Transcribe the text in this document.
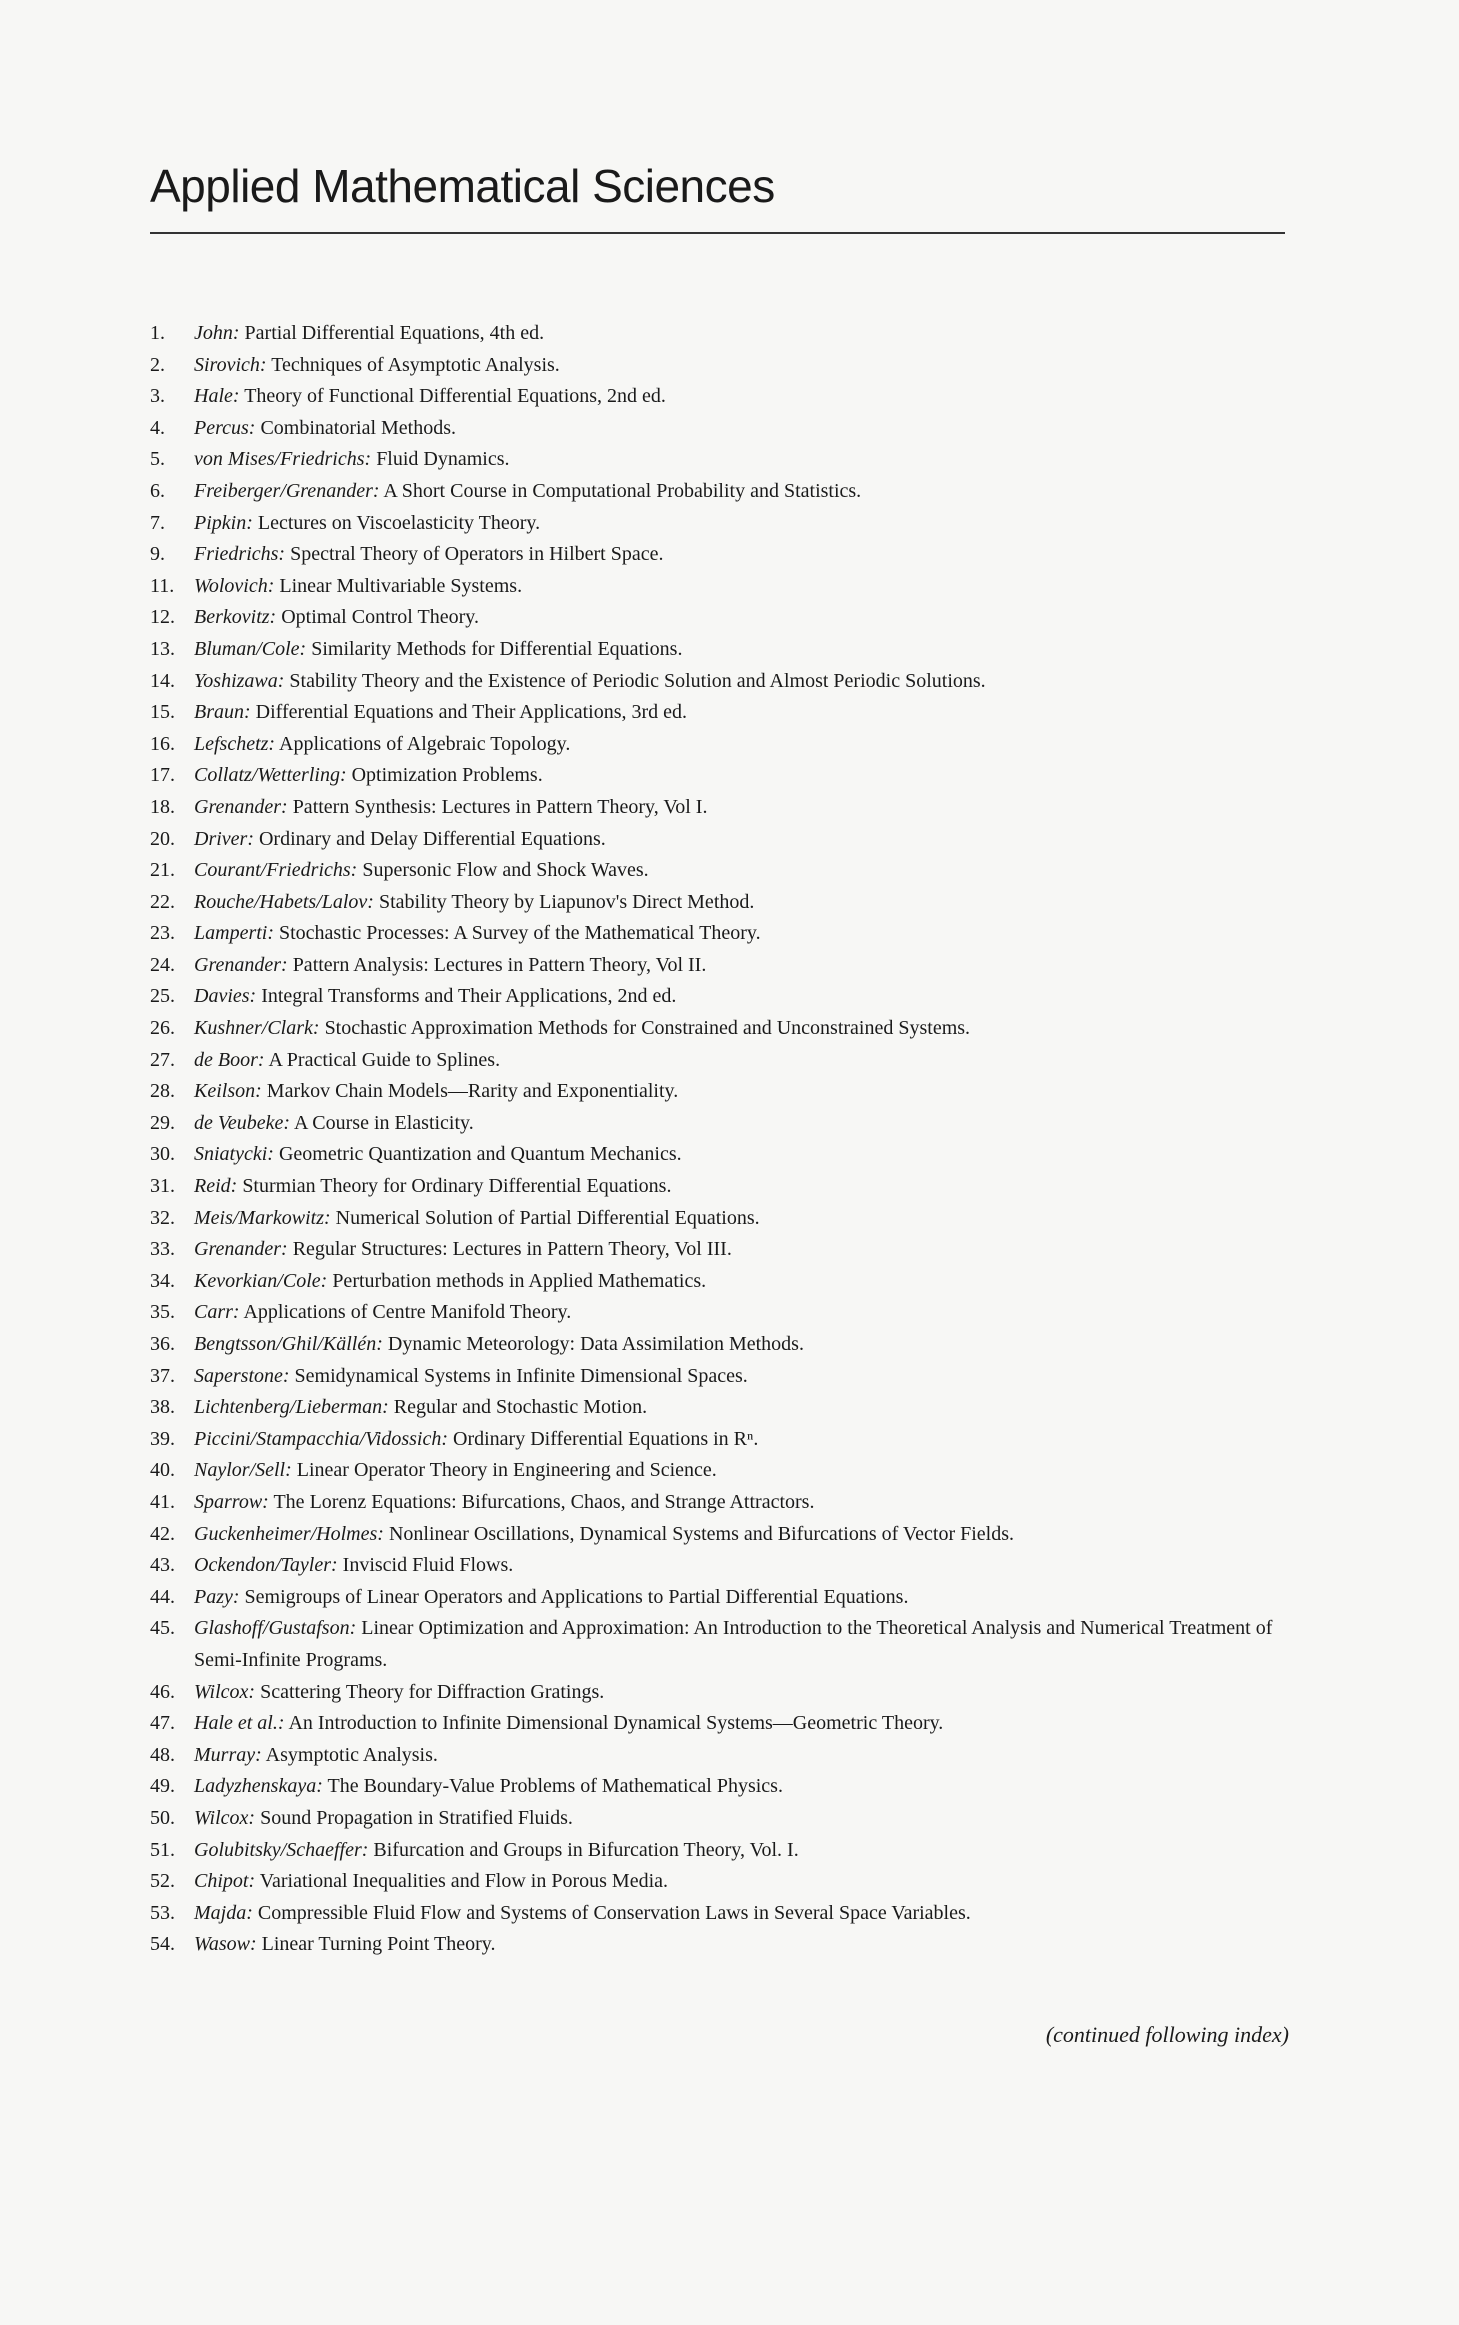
Applied Mathematical Sciences
1.	John: Partial Differential Equations, 4th ed.
2.	Sirovich: Techniques of Asymptotic Analysis.
3.	Hale: Theory of Functional Differential Equations, 2nd ed.
4.	Percus: Combinatorial Methods.
5.	von Mises/Friedrichs: Fluid Dynamics.
6.	Freiberger/Grenander: A Short Course in Computational Probability and Statistics.
7.	Pipkin: Lectures on Viscoelasticity Theory.
9.	Friedrichs: Spectral Theory of Operators in Hilbert Space.
11. Wolovich: Linear Multivariable Systems.
12. Berkovitz: Optimal Control Theory.
13. Bluman/Cole: Similarity Methods for Differential Equations.
14. Yoshizawa: Stability Theory and the Existence of Periodic Solution and Almost Periodic Solutions.
15. Braun: Differential Equations and Their Applications, 3rd ed.
16. Lefschetz: Applications of Algebraic Topology.
17. Collatz/Wetterling: Optimization Problems.
18. Grenander: Pattern Synthesis: Lectures in Pattern Theory, Vol I.
20. Driver: Ordinary and Delay Differential Equations.
21. Courant/Friedrichs: Supersonic Flow and Shock Waves.
22. Rouche/Habets/Lalov: Stability Theory by Liapunov's Direct Method.
23. Lamperti: Stochastic Processes: A Survey of the Mathematical Theory.
24. Grenander: Pattern Analysis: Lectures in Pattern Theory, Vol II.
25. Davies: Integral Transforms and Their Applications, 2nd ed.
26. Kushner/Clark: Stochastic Approximation Methods for Constrained and Unconstrained Systems.
27. de Boor: A Practical Guide to Splines.
28. Keilson: Markov Chain Models—Rarity and Exponentiality.
29. de Veubeke: A Course in Elasticity.
30. Sniatycki: Geometric Quantization and Quantum Mechanics.
31. Reid: Sturmian Theory for Ordinary Differential Equations.
32. Meis/Markowitz: Numerical Solution of Partial Differential Equations.
33. Grenander: Regular Structures: Lectures in Pattern Theory, Vol III.
34. Kevorkian/Cole: Perturbation methods in Applied Mathematics.
35. Carr: Applications of Centre Manifold Theory.
36. Bengtsson/Ghil/Källén: Dynamic Meteorology: Data Assimilation Methods.
37. Saperstone: Semidynamical Systems in Infinite Dimensional Spaces.
38. Lichtenberg/Lieberman: Regular and Stochastic Motion.
39. Piccini/Stampacchia/Vidossich: Ordinary Differential Equations in Rⁿ.
40. Naylor/Sell: Linear Operator Theory in Engineering and Science.
41. Sparrow: The Lorenz Equations: Bifurcations, Chaos, and Strange Attractors.
42. Guckenheimer/Holmes: Nonlinear Oscillations, Dynamical Systems and Bifurcations of Vector Fields.
43. Ockendon/Tayler: Inviscid Fluid Flows.
44. Pazy: Semigroups of Linear Operators and Applications to Partial Differential Equations.
45. Glashoff/Gustafson: Linear Optimization and Approximation: An Introduction to the Theoretical Analysis and Numerical Treatment of Semi-Infinite Programs.
46. Wilcox: Scattering Theory for Diffraction Gratings.
47. Hale et al.: An Introduction to Infinite Dimensional Dynamical Systems—Geometric Theory.
48. Murray: Asymptotic Analysis.
49. Ladyzhenskaya: The Boundary-Value Problems of Mathematical Physics.
50. Wilcox: Sound Propagation in Stratified Fluids.
51. Golubitsky/Schaeffer: Bifurcation and Groups in Bifurcation Theory, Vol. I.
52. Chipot: Variational Inequalities and Flow in Porous Media.
53. Majda: Compressible Fluid Flow and Systems of Conservation Laws in Several Space Variables.
54. Wasow: Linear Turning Point Theory.
(continued following index)
